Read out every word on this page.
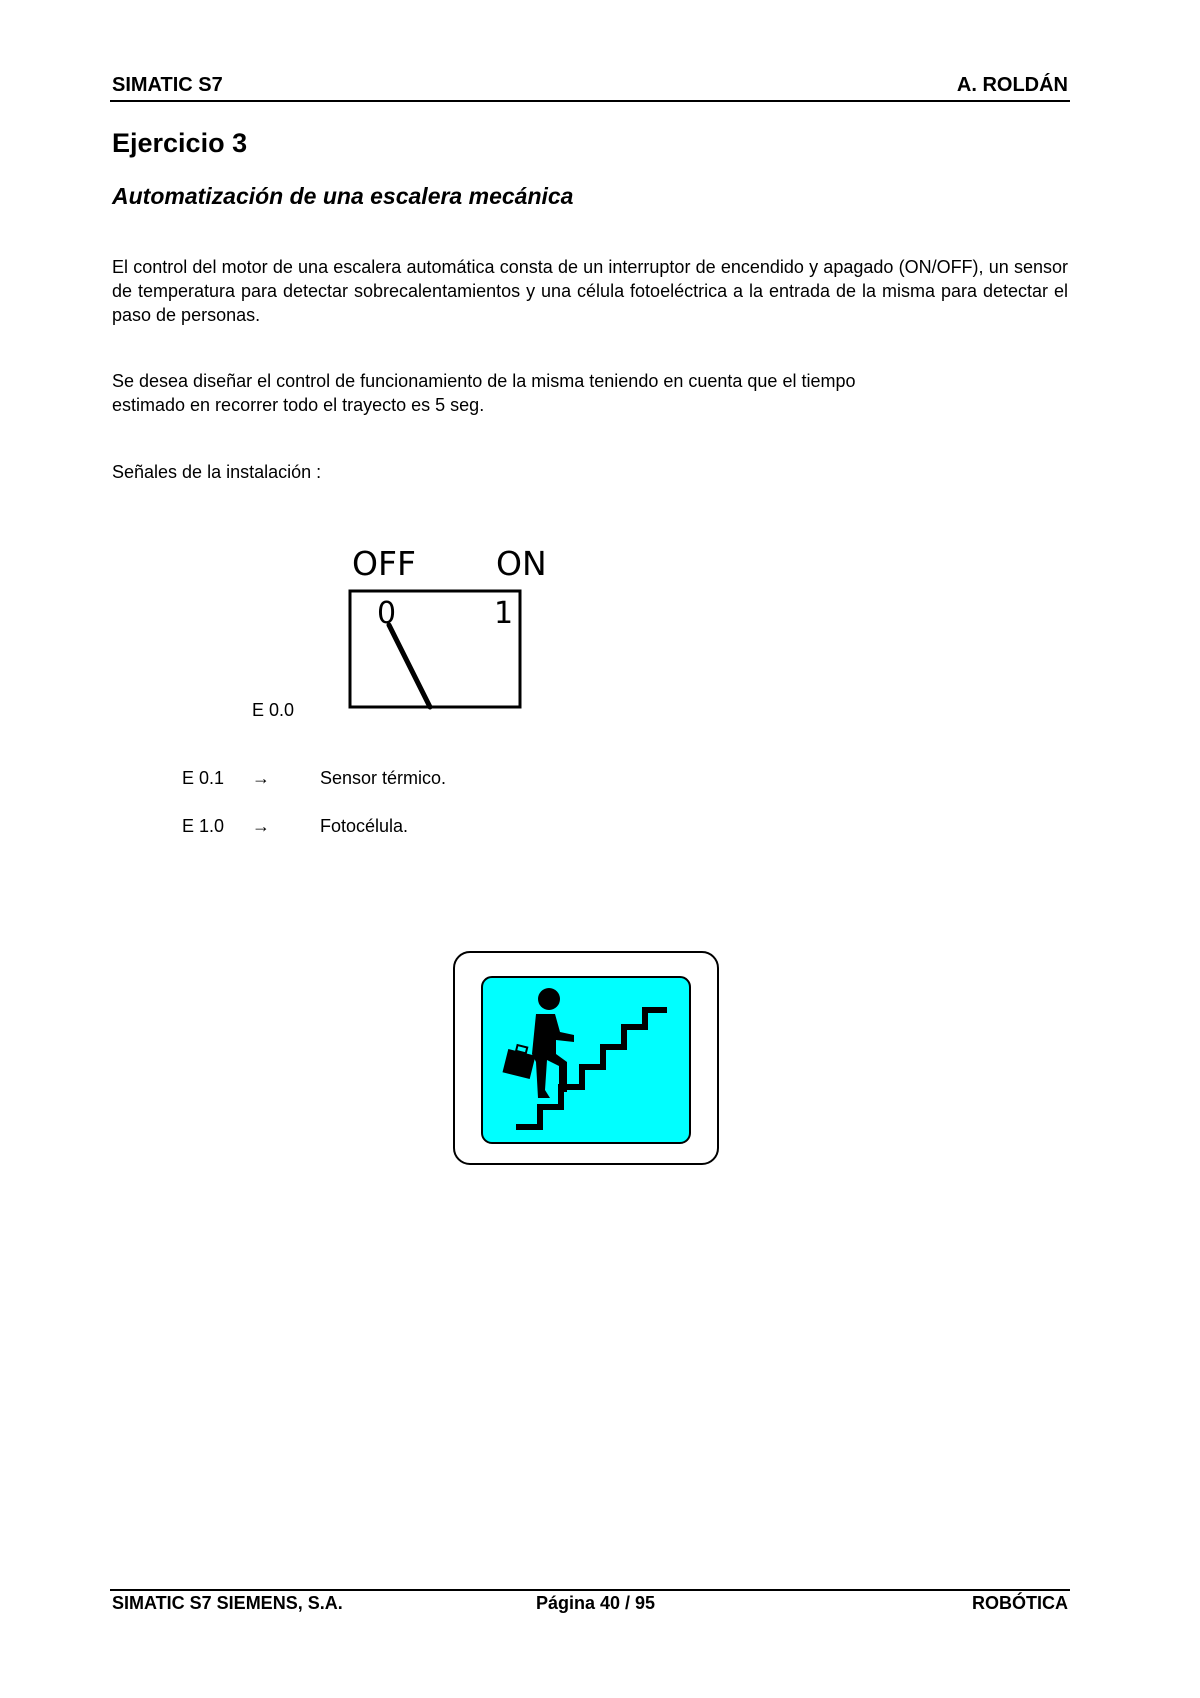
SIMATIC S7	A. ROLDÁN
Ejercicio 3
Automatización de una escalera mecánica
El control del motor de una escalera automática consta de un interruptor de encendido y apagado (ON/OFF), un sensor de temperatura para detectar sobrecalentamientos y una célula fotoeléctrica a la entrada de la misma para detectar el paso de personas.
Se desea diseñar el control de funcionamiento de la misma teniendo en cuenta que el tiempo
estimado en recorrer todo el trayecto es 5 seg.
Señales de la instalación :
OFF ON
0	1
E 0.0
E 0.1 →	Sensor térmico.
E 1.0 →	Fotocélula.
SIMATIC S7 SIEMENS, S.A.	Página 40 / 95	ROBÓTICA
